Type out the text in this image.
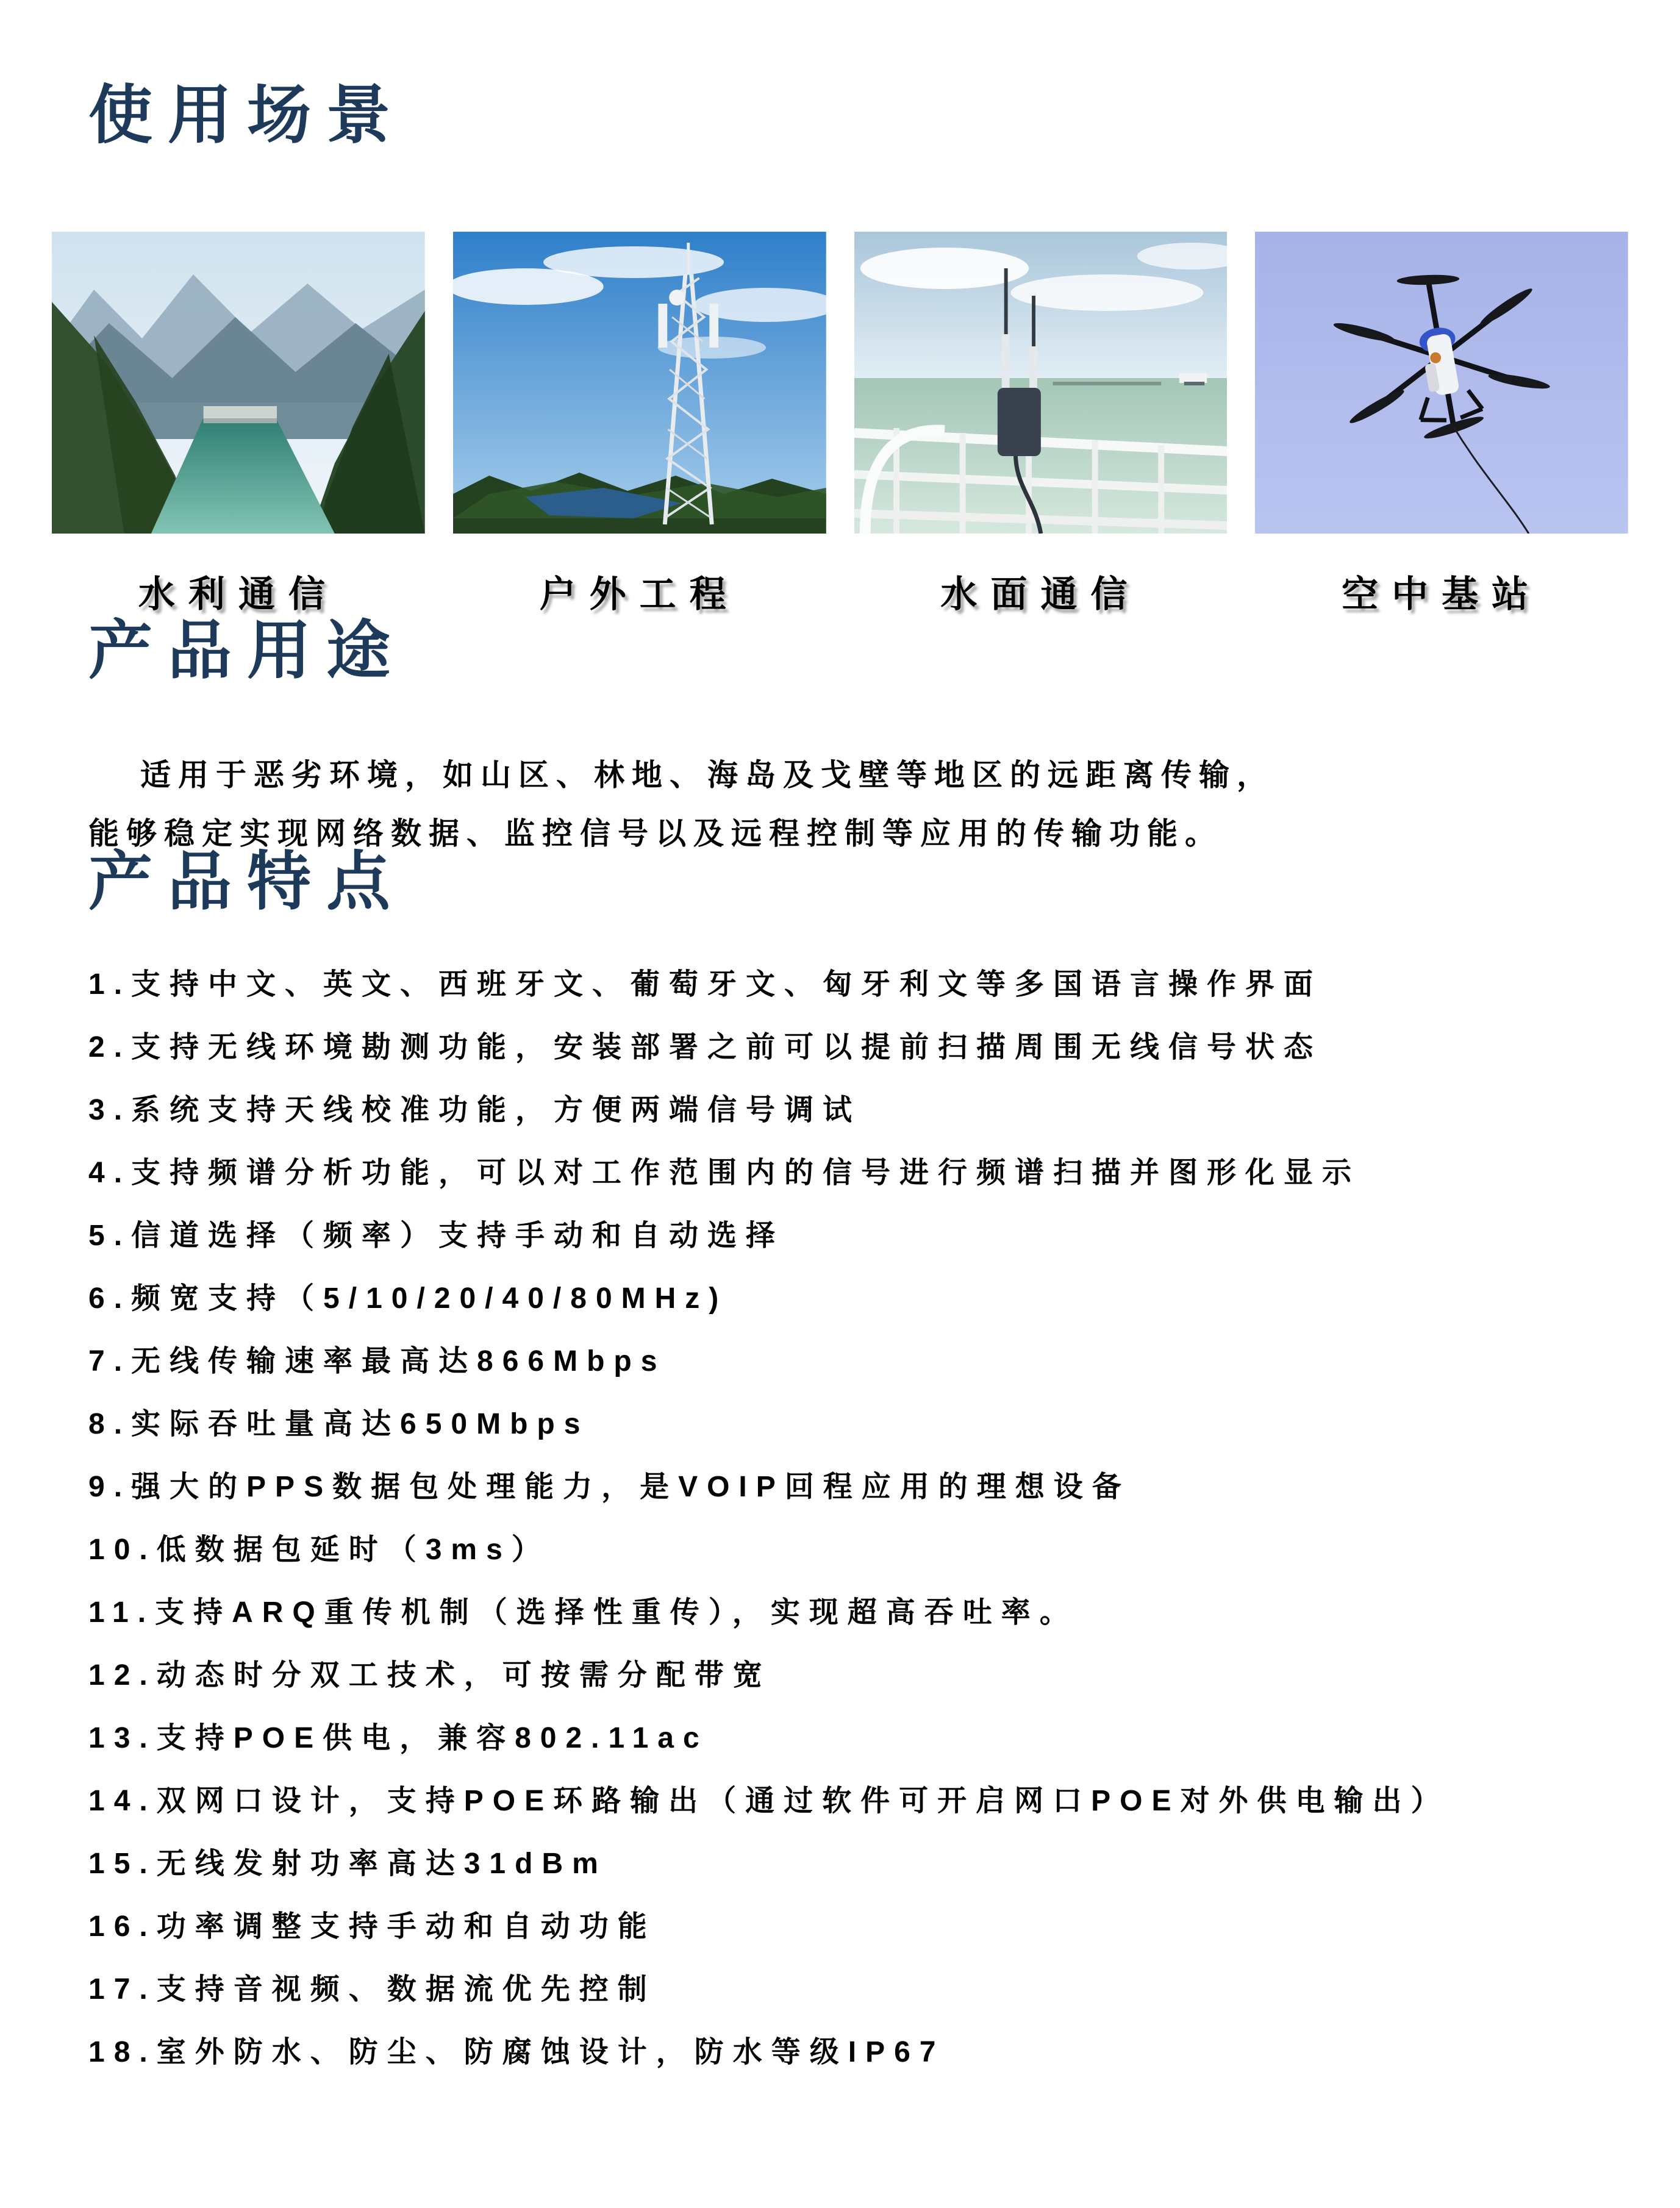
使用场景
水利通信	户外工程	水面通信	空中基站
产品用途

适用于恶劣环境，如山区、林地、海岛及戈壁等地区的远距离传输，
能够稳定实现网络数据、监控信号以及远程控制等应用的传输功能。

产品特点
1.支持中文、英文、西班牙文、葡萄牙文、匈牙利文等多国语言操作界面
2.支持无线环境勘测功能，安装部署之前可以提前扫描周围无线信号状态
3.系统支持天线校准功能，方便两端信号调试
4.支持频谱分析功能，可以对工作范围内的信号进行频谱扫描并图形化显示
5.信道选择（频率）支持手动和自动选择
6.频宽支持（5/10/20/40/80MHz)
7.无线传输速率最高达866Mbps
8.实际吞吐量高达650Mbps
9.强大的PPS数据包处理能力，是VOIP回程应用的理想设备
10.低数据包延时（3ms）
11.支持ARQ重传机制（选择性重传），实现超高吞吐率。
12.动态时分双工技术，可按需分配带宽
13.支持POE供电，兼容802.11ac
14.双网口设计，支持POE环路输出（通过软件可开启网口POE对外供电输出）
15.无线发射功率高达31dBm
16.功率调整支持手动和自动功能
17.支持音视频、数据流优先控制
18.室外防水、防尘、防腐蚀设计，防水等级IP67
